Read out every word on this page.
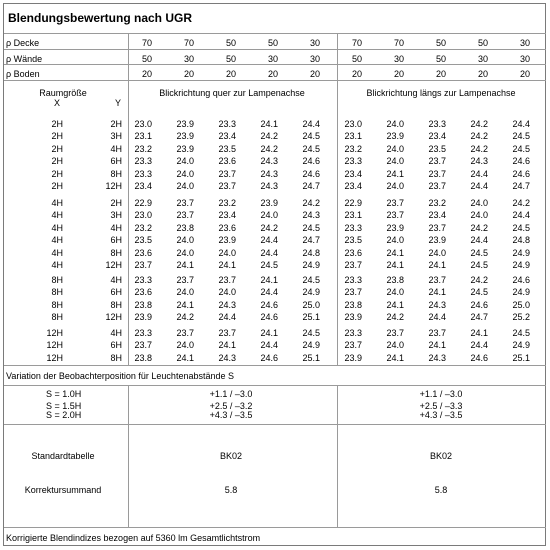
Blendungsbewertung nach UGR
ρ Decke	70	70	50	50	30	70	70	50	50	30
ρ Wände	50	30	50	30	30	50	30	50	30	30
ρ Boden	20	20	20	20	20	20	20	20	20	20
Raumgröße
X	Y
Blickrichtung quer zur Lampenachse	Blickrichtung längs zur Lampenachse
2H	2H	23.0	23.9	23.3	24.1	24.4	23.0	24.0	23.3	24.2	24.4
2H	3H	23.1	23.9	23.4	24.2	24.5	23.1	23.9	23.4	24.2	24.5
2H	4H	23.2	23.9	23.5	24.2	24.5	23.2	24.0	23.5	24.2	24.5
2H	6H	23.3	24.0	23.6	24.3	24.6	23.3	24.0	23.7	24.3	24.6
2H	8H	23.3	24.0	23.7	24.3	24.6	23.4	24.1	23.7	24.4	24.6
2H	12H	23.4	24.0	23.7	24.3	24.7	23.4	24.0	23.7	24.4	24.7
4H	2H	22.9	23.7	23.2	23.9	24.2	22.9	23.7	23.2	24.0	24.2
4H	3H	23.0	23.7	23.4	24.0	24.3	23.1	23.7	23.4	24.0	24.4
4H	4H	23.2	23.8	23.6	24.2	24.5	23.3	23.9	23.7	24.2	24.5
4H	6H	23.5	24.0	23.9	24.4	24.7	23.5	24.0	23.9	24.4	24.8
4H	8H	23.6	24.0	24.0	24.4	24.8	23.6	24.1	24.0	24.5	24.9
4H	12H	23.7	24.1	24.1	24.5	24.9	23.7	24.1	24.1	24.5	24.9
8H	4H	23.3	23.7	23.7	24.1	24.5	23.3	23.8	23.7	24.2	24.6
8H	6H	23.6	24.0	24.0	24.4	24.9	23.7	24.0	24.1	24.5	24.9
8H	8H	23.8	24.1	24.3	24.6	25.0	23.8	24.1	24.3	24.6	25.0
8H	12H	23.9	24.2	24.4	24.6	25.1	23.9	24.2	24.4	24.7	25.2
12H	4H	23.3	23.7	23.7	24.1	24.5	23.3	23.7	23.7	24.1	24.5
12H	6H	23.7	24.0	24.1	24.4	24.9	23.7	24.0	24.1	24.4	24.9
12H	8H	23.8	24.1	24.3	24.6	25.1	23.9	24.1	24.3	24.6	25.1
Variation der Beobachterposition für Leuchtenabstände S
S = 1.0H	+1.1 / –3.0	+1.1 / –3.0
S = 1.5H	+2.5 / –3.2	+2.5 / –3.3
S = 2.0H	+4.3 / –3.5	+4.3 / –3.5
Standardtabelle	BK02	BK02
Korrektursummand	5.8	5.8
Korrigierte Blendindizes bezogen auf 5360 lm Gesamtlichtstrom
